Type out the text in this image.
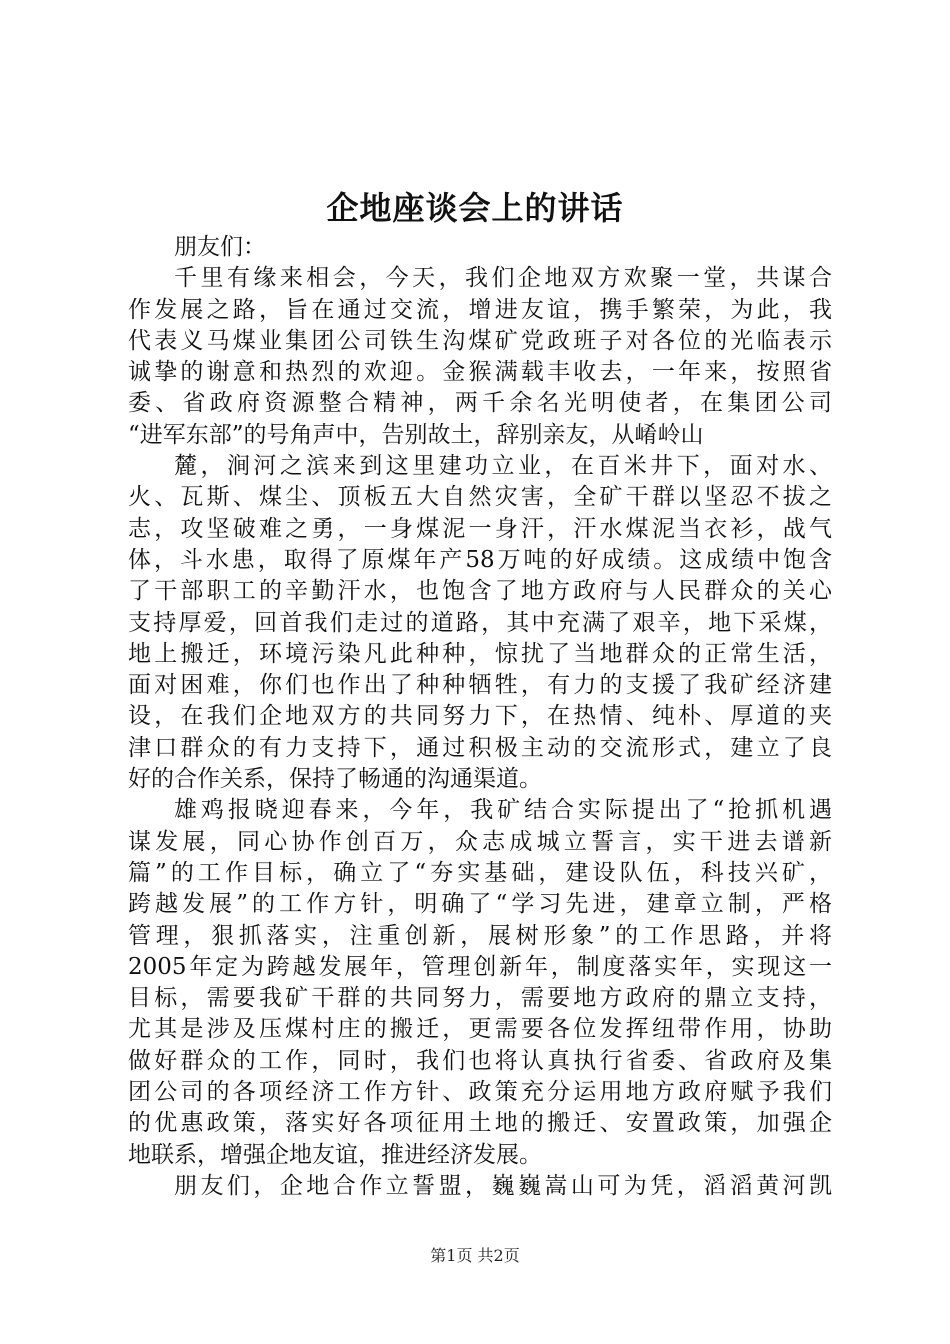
企地座谈会上的讲话
朋友们：
千里有缘来相会，今天，我们企地双方欢聚一堂，共谋合
作发展之路，旨在通过交流，增进友谊，携手繁荣，为此，我
代表义马煤业集团公司铁生沟煤矿党政班子对各位的光临表示
诚挚的谢意和热烈的欢迎。金猴满载丰收去，一年来，按照省
委、省政府资源整合精神，两千余名光明使者，在集团公司
“进军东部”的号角声中，告别故土，辞别亲友，从崤岭山
麓，涧河之滨来到这里建功立业，在百米井下，面对水、
火、瓦斯、煤尘、顶板五大自然灾害，全矿干群以坚忍不拔之
志，攻坚破难之勇，一身煤泥一身汗，汗水煤泥当衣衫，战气
体，斗水患，取得了原煤年产58万吨的好成绩。这成绩中饱含
了干部职工的辛勤汗水，也饱含了地方政府与人民群众的关心
支持厚爱，回首我们走过的道路，其中充满了艰辛，地下采煤，
地上搬迁，环境污染凡此种种，惊扰了当地群众的正常生活，
面对困难，你们也作出了种种牺牲，有力的支援了我矿经济建
设，在我们企地双方的共同努力下，在热情、纯朴、厚道的夹
津口群众的有力支持下，通过积极主动的交流形式，建立了良
好的合作关系，保持了畅通的沟通渠道。
雄鸡报晓迎春来，今年，我矿结合实际提出了“抢抓机遇
谋发展，同心协作创百万，众志成城立誓言，实干进去谱新
篇”的工作目标，确立了“夯实基础，建设队伍，科技兴矿，
跨越发展”的工作方针，明确了“学习先进，建章立制，严格
管理，狠抓落实，注重创新，展树形象”的工作思路，并将
2005年定为跨越发展年，管理创新年，制度落实年，实现这一
目标，需要我矿干群的共同努力，需要地方政府的鼎立支持，
尤其是涉及压煤村庄的搬迁，更需要各位发挥纽带作用，协助
做好群众的工作，同时，我们也将认真执行省委、省政府及集
团公司的各项经济工作方针、政策充分运用地方政府赋予我们
的优惠政策，落实好各项征用土地的搬迁、安置政策，加强企
地联系，增强企地友谊，推进经济发展。
朋友们，企地合作立誓盟，巍巍嵩山可为凭，滔滔黄河凯
第1页 共2页
